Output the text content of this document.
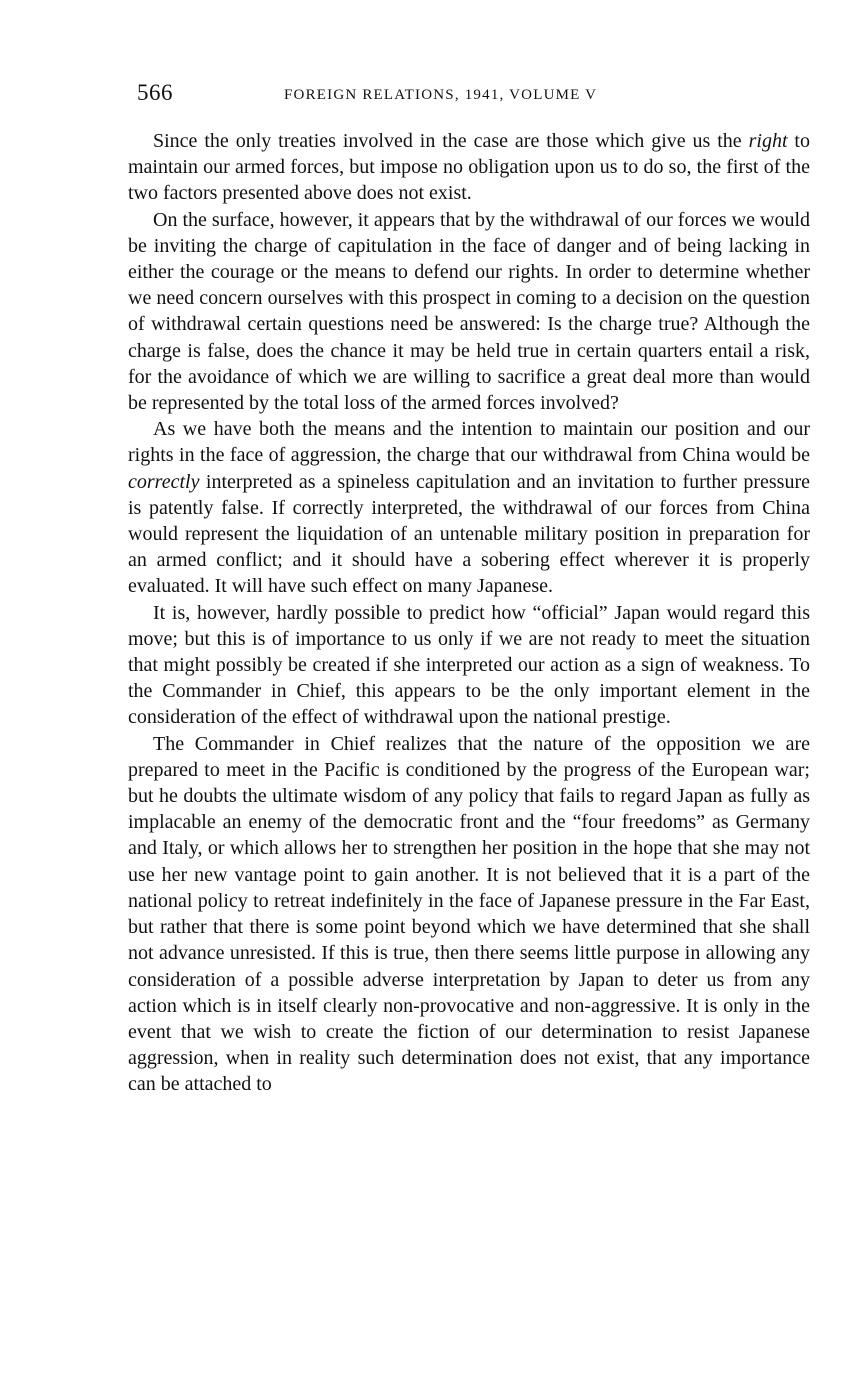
566	FOREIGN RELATIONS, 1941, VOLUME V

Since the only treaties involved in the case are those which give us the right to maintain our armed forces, but impose no obligation upon us to do so, the first of the two factors presented above does not exist.

On the surface, however, it appears that by the withdrawal of our forces we would be inviting the charge of capitulation in the face of danger and of being lacking in either the courage or the means to defend our rights. In order to determine whether we need concern ourselves with this prospect in coming to a decision on the question of withdrawal certain questions need be answered: Is the charge true? Although the charge is false, does the chance it may be held true in certain quarters entail a risk, for the avoidance of which we are willing to sacrifice a great deal more than would be represented by the total loss of the armed forces involved?

As we have both the means and the intention to maintain our position and our rights in the face of aggression, the charge that our withdrawal from China would be correctly interpreted as a spineless capitulation and an invitation to further pressure is patently false. If correctly interpreted, the withdrawal of our forces from China would represent the liquidation of an untenable military position in preparation for an armed conflict; and it should have a sobering effect wherever it is properly evaluated. It will have such effect on many Japanese.

It is, however, hardly possible to predict how “official” Japan would regard this move; but this is of importance to us only if we are not ready to meet the situation that might possibly be created if she interpreted our action as a sign of weakness. To the Commander in Chief, this appears to be the only important element in the consideration of the effect of withdrawal upon the national prestige.

The Commander in Chief realizes that the nature of the opposition we are prepared to meet in the Pacific is conditioned by the progress of the European war; but he doubts the ultimate wisdom of any policy that fails to regard Japan as fully as implacable an enemy of the democratic front and the “four freedoms” as Germany and Italy, or which allows her to strengthen her position in the hope that she may not use her new vantage point to gain another. It is not believed that it is a part of the national policy to retreat indefinitely in the face of Japanese pressure in the Far East, but rather that there is some point beyond which we have determined that she shall not advance unresisted. If this is true, then there seems little purpose in allowing any consideration of a possible adverse interpretation by Japan to deter us from any action which is in itself clearly non-provocative and non-aggressive. It is only in the event that we wish to create the fiction of our determination to resist Japanese aggression, when in reality such determination does not exist, that any importance can be attached to
